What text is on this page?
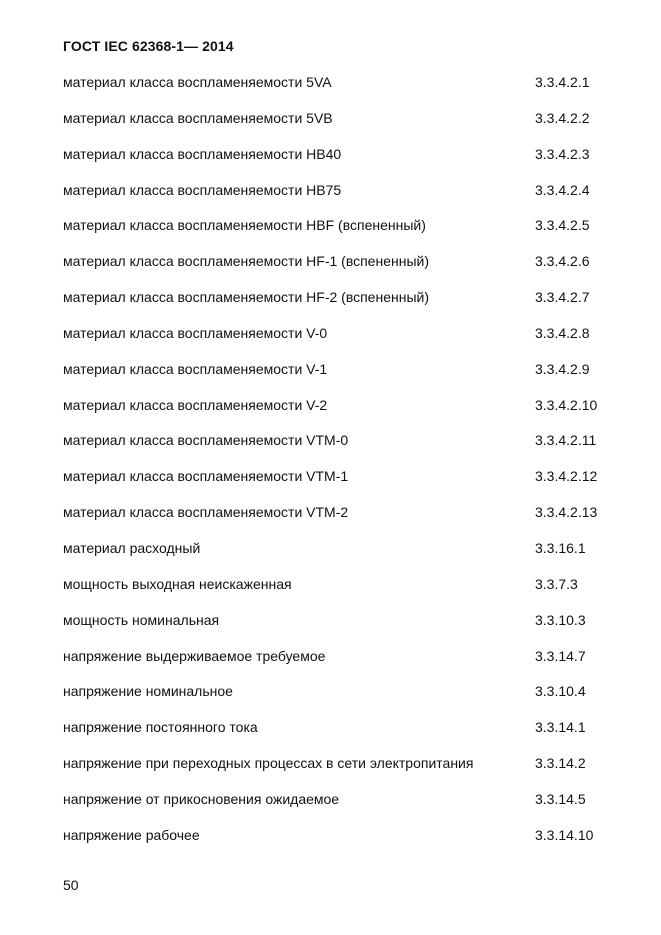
ГОСТ IEC 62368-1— 2014
материал класса воспламеняемости 5VA	3.3.4.2.1
материал класса воспламеняемости 5VB	3.3.4.2.2
материал класса воспламеняемости HB40	3.3.4.2.3
материал класса воспламеняемости HB75	3.3.4.2.4
материал класса воспламеняемости HBF (вспененный)	3.3.4.2.5
материал класса воспламеняемости HF-1 (вспененный)	3.3.4.2.6
материал класса воспламеняемости HF-2 (вспененный)	3.3.4.2.7
материал класса воспламеняемости V-0	3.3.4.2.8
материал класса воспламеняемости V-1	3.3.4.2.9
материал класса воспламеняемости V-2	3.3.4.2.10
материал класса воспламеняемости VTM-0	3.3.4.2.11
материал класса воспламеняемости VTM-1	3.3.4.2.12
материал класса воспламеняемости VTM-2	3.3.4.2.13
материал расходный	3.3.16.1
мощность выходная неискаженная	3.3.7.3
мощность номинальная	3.3.10.3
напряжение выдерживаемое требуемое	3.3.14.7
напряжение номинальное	3.3.10.4
напряжение постоянного тока	3.3.14.1
напряжение при переходных процессах в сети электропитания	3.3.14.2
напряжение от прикосновения ожидаемое	3.3.14.5
напряжение рабочее	3.3.14.10
50
